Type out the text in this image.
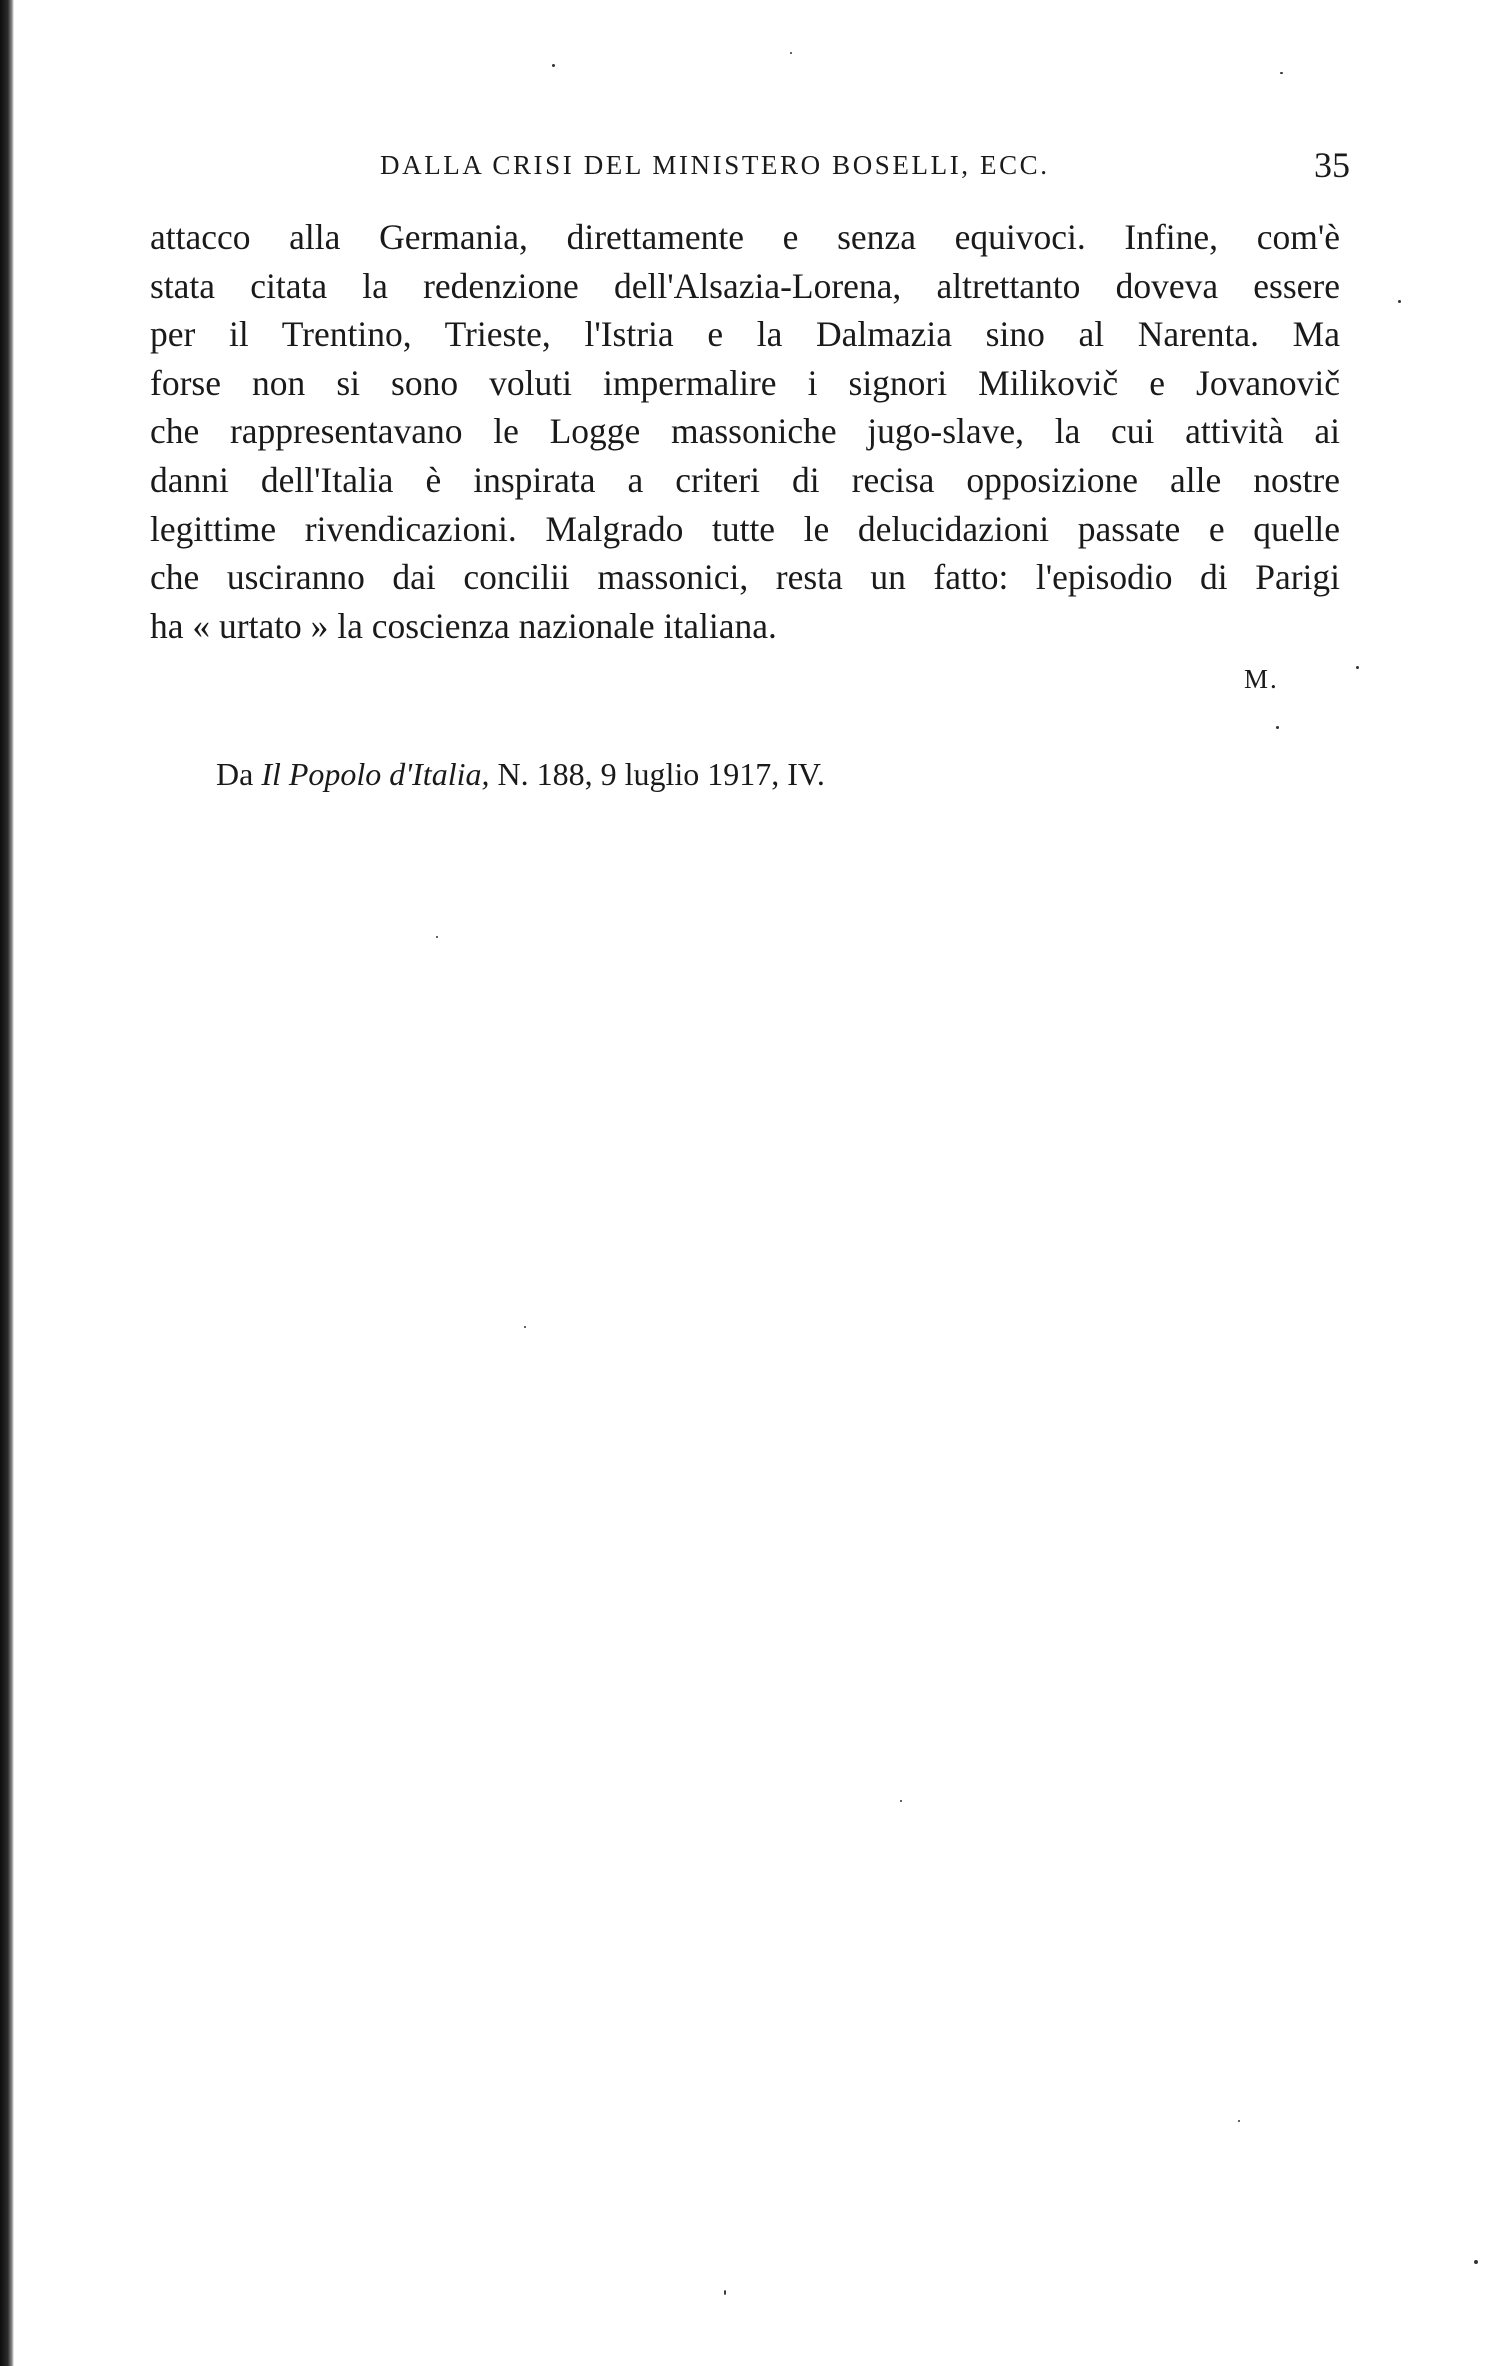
DALLA CRISI DEL MINISTERO BOSELLI, ECC.	35

attacco alla Germania, direttamente e senza equivoci. Infine, com'è
stata citata la redenzione dell'Alsazia-Lorena, altrettanto doveva essere
per il Trentino, Trieste, l'Istria e la Dalmazia sino al Narenta. Ma
forse non si sono voluti impermalire i signori Milikovič e Jovanovič
che rappresentavano le Logge massoniche jugo-slave, la cui attività ai
danni dell'Italia è inspirata a criteri di recisa opposizione alle nostre
legittime rivendicazioni. Malgrado tutte le delucidazioni passate e quelle
che usciranno dai concilii massonici, resta un fatto: l'episodio di Parigi
ha « urtato » la coscienza nazionale italiana.

M.
Da Il Popolo d'Italia, N. 188, 9 luglio 1917, IV.
